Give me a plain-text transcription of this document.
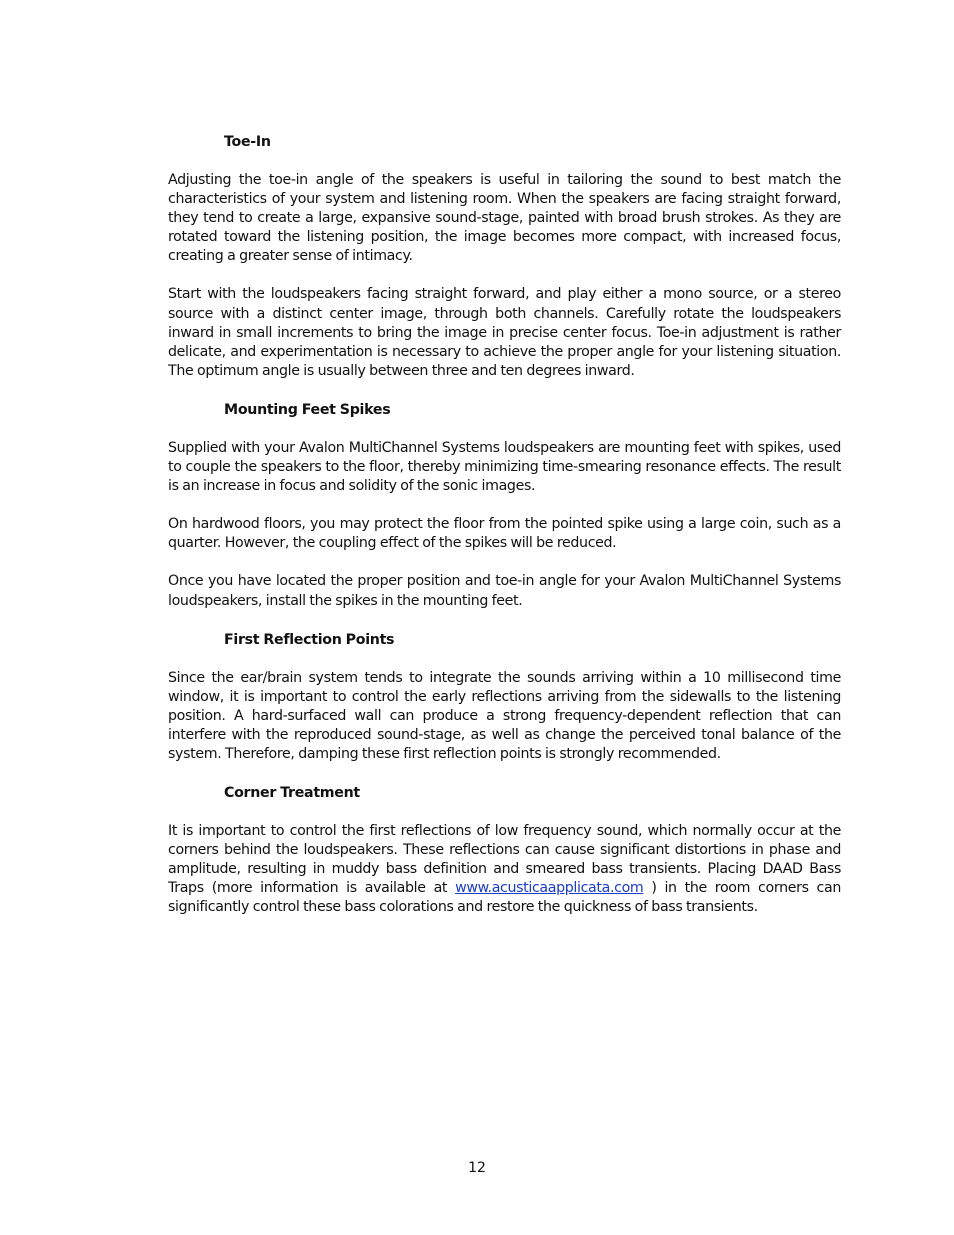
Toe-In

Adjusting the toe-in angle of the speakers is useful in tailoring the sound to best match the characteristics of your system and listening room. When the speakers are facing straight forward, they tend to create a large, expansive sound-stage, painted with broad brush strokes. As they are rotated toward the listening position, the image becomes more compact, with increased focus, creating a greater sense of intimacy.

Start with the loudspeakers facing straight forward, and play either a mono source, or a stereo source with a distinct center image, through both channels. Carefully rotate the loudspeakers inward in small increments to bring the image in precise center focus. Toe-in adjustment is rather delicate, and experimentation is necessary to achieve the proper angle for your listening situation. The optimum angle is usually between three and ten degrees inward.

Mounting Feet Spikes

Supplied with your Avalon MultiChannel Systems loudspeakers are mounting feet with spikes, used to couple the speakers to the floor, thereby minimizing time-smearing resonance effects. The result is an increase in focus and solidity of the sonic images.

On hardwood floors, you may protect the floor from the pointed spike using a large coin, such as a quarter. However, the coupling effect of the spikes will be reduced.

Once you have located the proper position and toe-in angle for your Avalon MultiChannel Systems loudspeakers, install the spikes in the mounting feet.

First Reflection Points

Since the ear/brain system tends to integrate the sounds arriving within a 10 millisecond time window, it is important to control the early reflections arriving from the sidewalls to the listening position. A hard-surfaced wall can produce a strong frequency-dependent reflection that can interfere with the reproduced sound-stage, as well as change the perceived tonal balance of the system. Therefore, damping these first reflection points is strongly recommended.

Corner Treatment

It is important to control the first reflections of low frequency sound, which normally occur at the corners behind the loudspeakers. These reflections can cause significant distortions in phase and amplitude, resulting in muddy bass definition and smeared bass transients. Placing DAAD Bass Traps (more information is available at www.acusticaapplicata.com ) in the room corners can significantly control these bass colorations and restore the quickness of bass transients.

12
